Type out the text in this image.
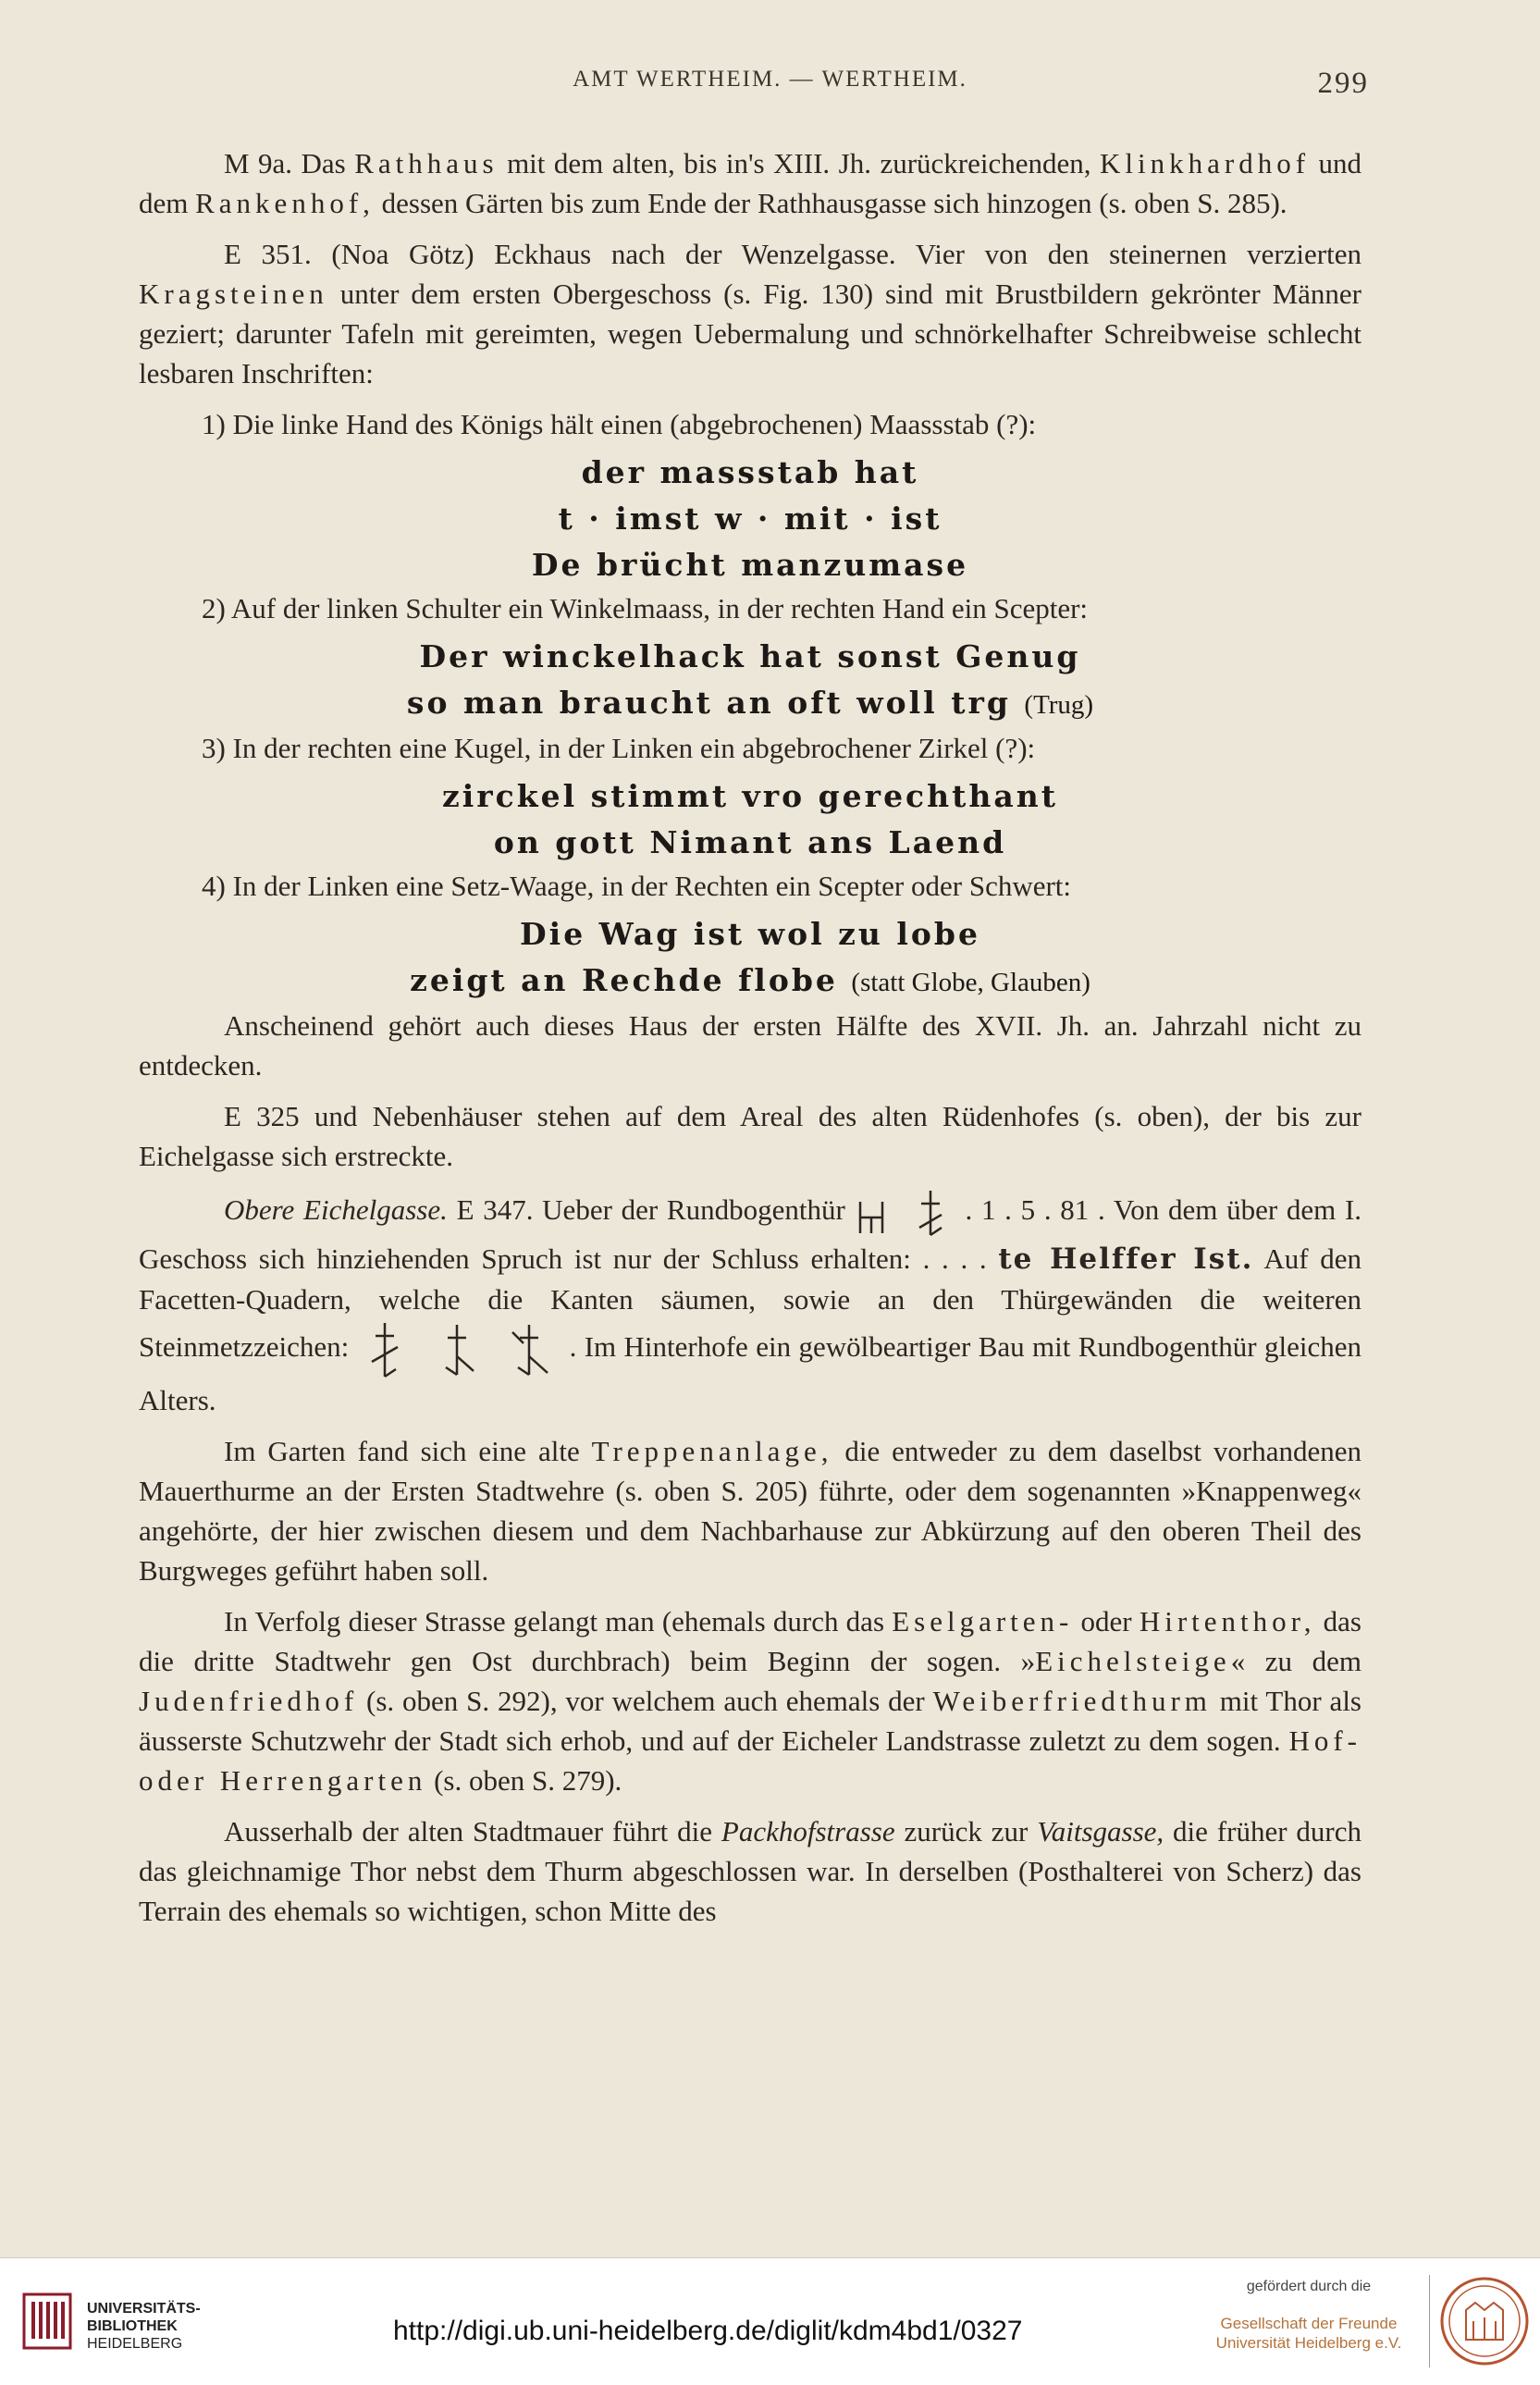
AMT WERTHEIM. — WERTHEIM.	299

M 9a. Das Rathhaus mit dem alten, bis in's XIII. Jh. zurückreichenden, Klinkhardhof und dem Rankenhof, dessen Gärten bis zum Ende der Rathhausgasse sich hinzogen (s. oben S. 285).

E 351. (Noa Götz) Eckhaus nach der Wenzelgasse. Vier von den steinernen verzierten Kragsteinen unter dem ersten Obergeschoss (s. Fig. 130) sind mit Brustbildern gekrönter Männer geziert; darunter Tafeln mit gereimten, wegen Uebermalung und schnörkelhafter Schreibweise schlecht lesbaren Inschriften:

1) Die linke Hand des Königs hält einen (abgebrochenen) Maassstab (?):
der massstab hat
t · imst w · mit · ist
De brücht manzumase
2) Auf der linken Schulter ein Winkelmaass, in der rechten Hand ein Scepter:
Der winckelhack hat sonst Genug
so man braucht an oft woll trg (Trug)
3) In der rechten eine Kugel, in der Linken ein abgebrochener Zirkel (?):
zirckel stimmt vro gerechthant
on gott Nimant ans Laend
4) In der Linken eine Setz-Waage, in der Rechten ein Scepter oder Schwert:
Die Wag ist wol zu lobe
zeigt an Rechde flobe (statt Globe, Glauben)

Anscheinend gehört auch dieses Haus der ersten Hälfte des XVII. Jh. an. Jahrzahl nicht zu entdecken.

E 325 und Nebenhäuser stehen auf dem Areal des alten Rüdenhofes (s. oben), der bis zur Eichelgasse sich erstreckte.

Obere Eichelgasse. E 347. Ueber der Rundbogenthür	. 1 . 5 . 81 . Von dem über dem I. Geschoss sich hinziehenden Spruch ist nur der Schluss erhalten: . . . . te Helffer Ist. Auf den Facetten-Quadern, welche die Kanten säumen, sowie an den Thürgewänden die weiteren Steinmetzzeichen:	. Im Hinterhofe ein gewölbeartiger Bau mit Rundbogenthür gleichen Alters.

Im Garten fand sich eine alte Treppenanlage, die entweder zu dem daselbst vorhandenen Mauerthurme an der Ersten Stadtwehre (s. oben S. 205) führte, oder dem sogenannten »Knappenweg« angehörte, der hier zwischen diesem und dem Nachbarhause zur Abkürzung auf den oberen Theil des Burgweges geführt haben soll.

In Verfolg dieser Strasse gelangt man (ehemals durch das Eselgarten- oder Hirtenthor, das die dritte Stadtwehr gen Ost durchbrach) beim Beginn der sogen. »Eichelsteige« zu dem Judenfriedhof (s. oben S. 292), vor welchem auch ehemals der Weiberfriedthurm mit Thor als äusserste Schutzwehr der Stadt sich erhob, und auf der Eicheler Landstrasse zuletzt zu dem sogen. Hof- oder Herrengarten (s. oben S. 279).

Ausserhalb der alten Stadtmauer führt die Packhofstrasse zurück zur Vaitsgasse, die früher durch das gleichnamige Thor nebst dem Thurm abgeschlossen war. In derselben (Posthalterei von Scherz) das Terrain des ehemals so wichtigen, schon Mitte des

UNIVERSITÄTS-
BIBLIOTHEK
HEIDELBERG	http://digi.ub.uni-heidelberg.de/diglit/kdm4bd1/0327
gefördert durch die
Gesellschaft der Freunde
Universität Heidelberg e.V.
